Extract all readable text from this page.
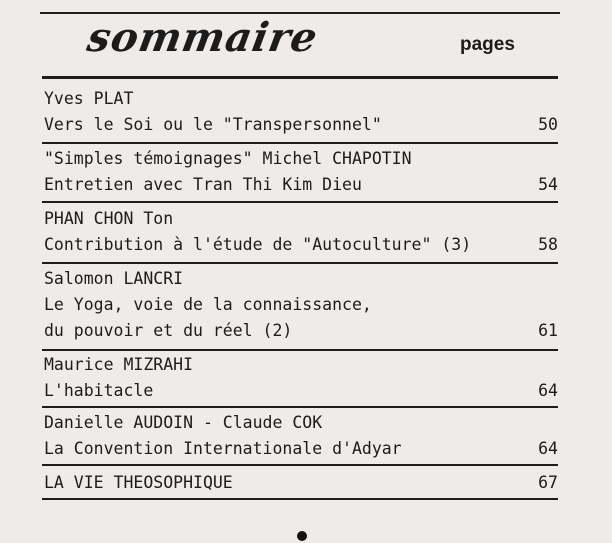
sommaire	pages
Yves PLAT
Vers le Soi ou le "Transpersonnel"	50
"Simples témoignages" Michel CHAPOTIN
Entretien avec Tran Thi Kim Dieu	54
PHAN CHON Ton
Contribution à l'étude de "Autoculture" (3)	58
Salomon LANCRI
Le Yoga, voie de la connaissance,
du pouvoir et du réel (2)	61
Maurice MIZRAHI
L'habitacle	64
Danielle AUDOIN - Claude COK
La Convention Internationale d'Adyar	64
LA VIE THEOSOPHIQUE	67
